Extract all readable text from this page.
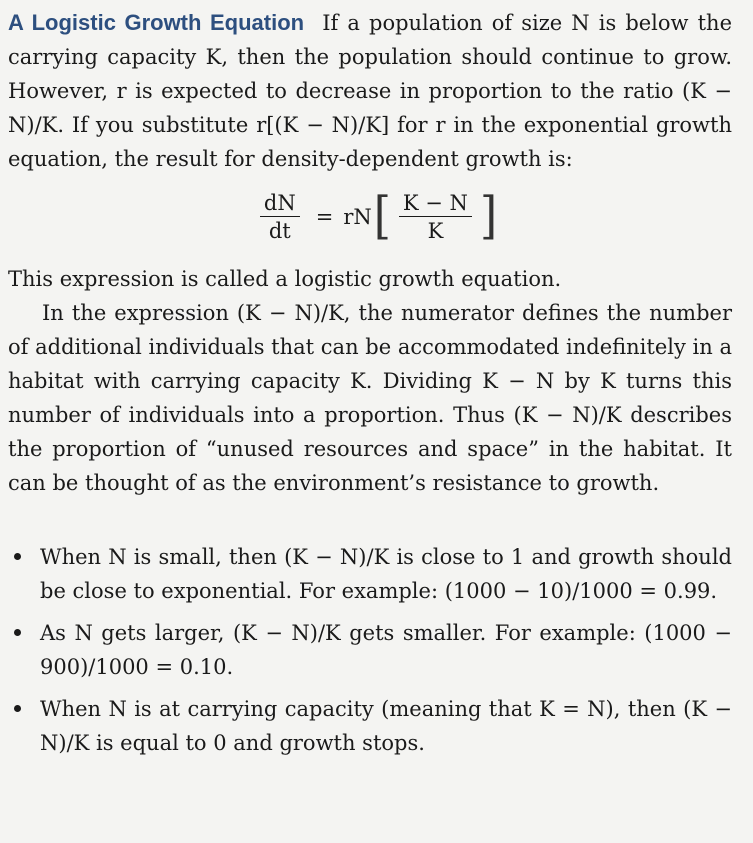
A Logistic Growth Equation If a population of size N is below the carrying capacity K, then the population should continue to grow. However, r is expected to decrease in proportion to the ratio (K − N)/K. If you substitute r[(K − N)/K] for r in the exponential growth equation, the result for density-dependent growth is:

$\frac{dN}{dt}$ = rN [ $\frac{K - N}{K}$ ]

This expression is called a logistic growth equation.

In the expression (K − N)/K, the numerator defines the number of additional individuals that can be accommodated indefinitely in a habitat with carrying capacity K. Dividing K − N by K turns this number of individuals into a proportion. Thus (K − N)/K describes the proportion of “unused resources and space” in the habitat. It can be thought of as the environment’s resistance to growth.

When N is small, then (K − N)/K is close to 1 and growth should be close to exponential. For example: (1000 − 10)/1000 = 0.99.
As N gets larger, (K − N)/K gets smaller. For example: (1000 − 900)/1000 = 0.10.
When N is at carrying capacity (meaning that K = N), then (K − N)/K is equal to 0 and growth stops.
